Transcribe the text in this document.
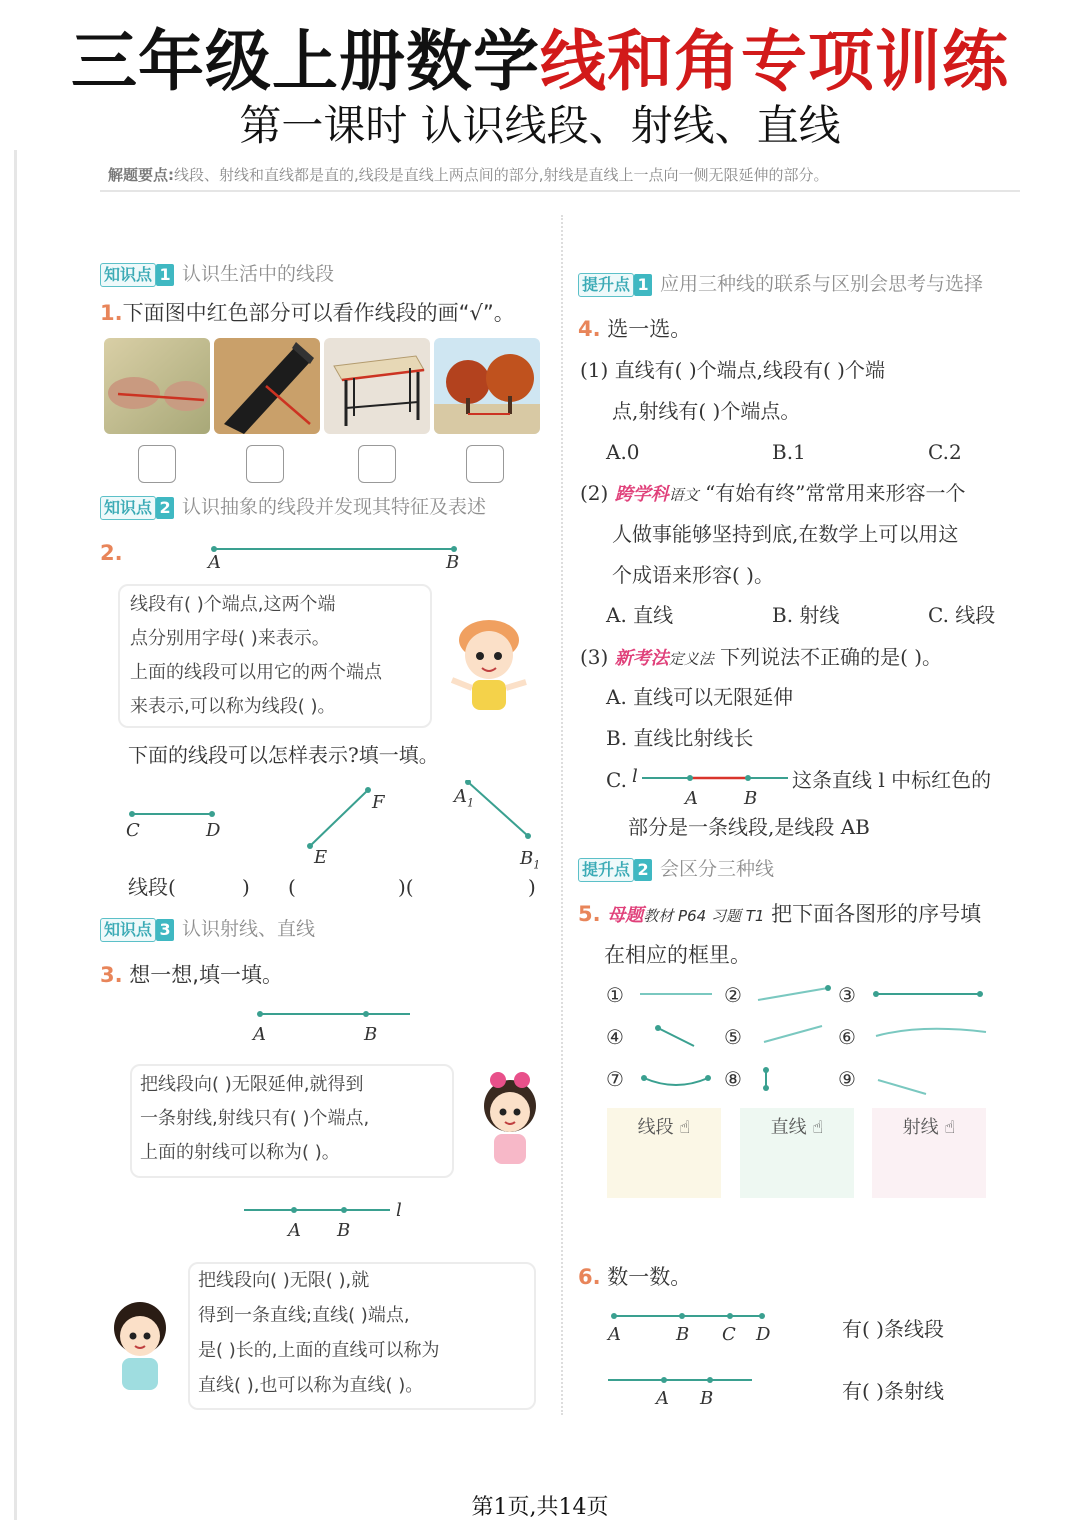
三年级上册数学线和角专项训练
第一课时 认识线段、射线、直线
解题要点:线段、射线和直线都是直的,线段是直线上两点间的部分,射线是直线上一点向一侧无限延伸的部分。
知识点 1 认识生活中的线段
1.下面图中红色部分可以看作线段的画“√”。
知识点 2 认识抽象的线段并发现其特征及表述
2.	A	B
线段有( )个端点,这两个端
点分别用字母( )来表示。
上面的线段可以用它的两个端点
来表示,可以称为线段( )。
下面的线段可以怎样表示?填一填。
C	D
E
F	$A_1$
$B_1$
线段(	) (	)(	)
知识点 3 认识射线、直线
3. 想一想,填一填。
A	B
把线段向( )无限延伸,就得到
一条射线,射线只有( )个端点,
上面的射线可以称为( )。
A B
l
把线段向( )无限( ),就
得到一条直线;直线( )端点,
是( )长的,上面的直线可以称为
直线( ),也可以称为直线( )。
提升点 1 应用三种线的联系与区别会思考与选择
4. 选一选。
(1) 直线有( )个端点,线段有( )个端
点,射线有( )个端点。
A.0	B.1	C.2
(2) 跨学科语文 “有始有终”常常用来形容一个
人做事能够坚持到底,在数学上可以用这
个成语来形容( )。
A. 直线	B. 射线	C. 线段
(3) 新考法定义法 下列说法不正确的是( )。
A. 直线可以无限延伸
B. 直线比射线长
C. l
A	B
这条直线 l 中标红色的
部分是一条线段,是线段 AB
提升点 2 会区分三种线
5. 母题教材 P64 习题 T1 把下面各图形的序号填
在相应的框里。
①	②	③
④	⑤	⑥
⑦	⑧	⑨
线段 ☝	直线 ☝	射线 ☝
6. 数一数。
A	B C D	有( )条线段
A B	有( )条射线
第1页,共14页
